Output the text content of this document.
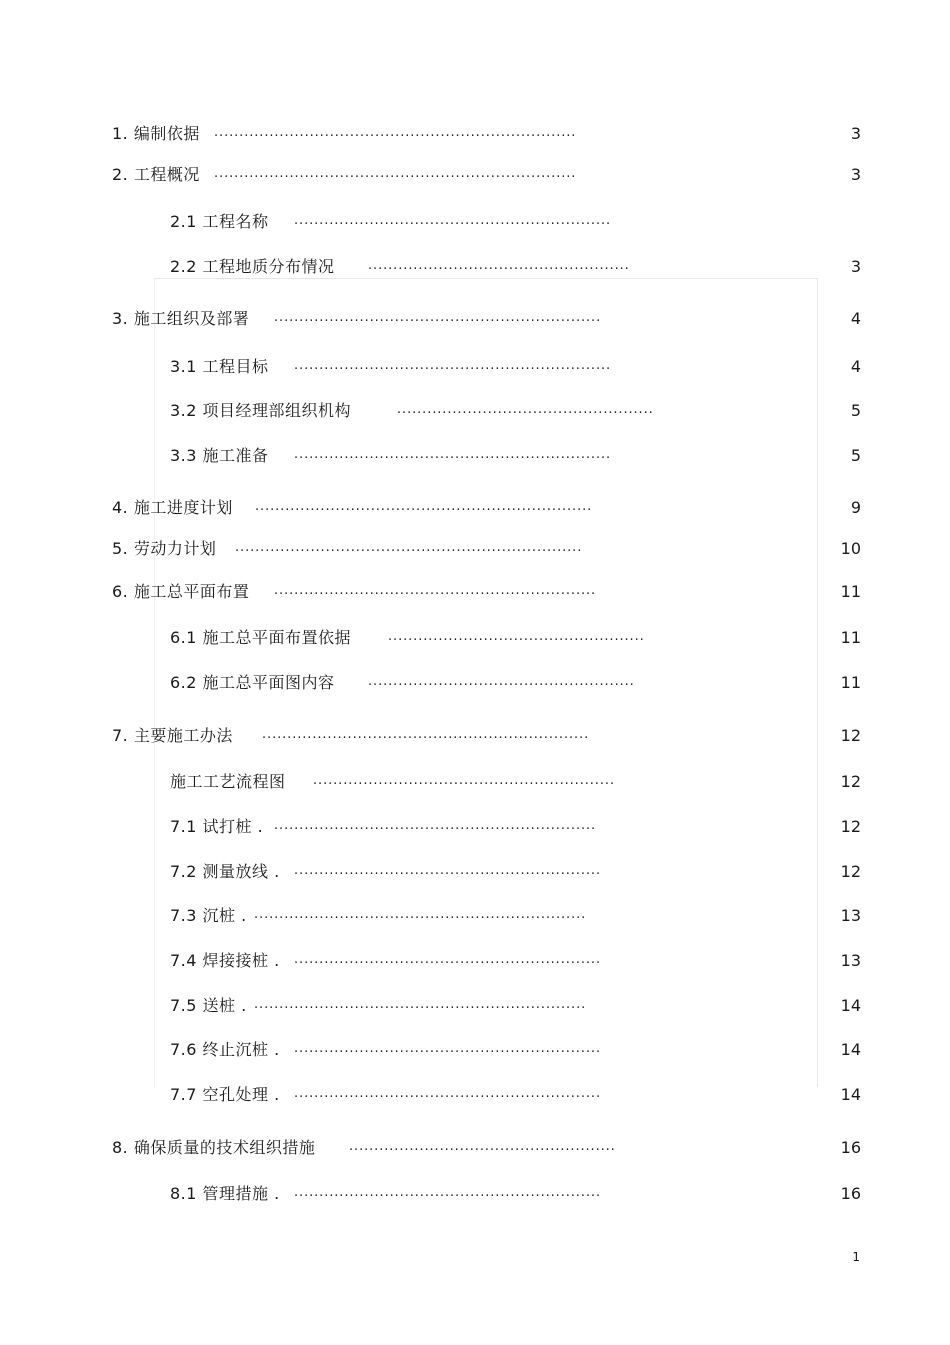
1. 编制依据 ........................................................................	3
2. 工程概况 ........................................................................	3
2.1 工程名称 ...............................................................
2.2 工程地质分布情况	....................................................	3
3. 施工组织及部署 .................................................................	4
3.1 工程目标 ...............................................................	4
3.2 项目经理部组织机构	...................................................	5
3.3 施工准备 ...............................................................	5
4. 施工进度计划 ...................................................................	9
5. 劳动力计划 .....................................................................	10
6. 施工总平面布置 ................................................................	11
6.1 施工总平面布置依据	...................................................	11
6.2 施工总平面图内容	.....................................................	11
7. 主要施工办法 .................................................................	12
施工工艺流程图 ............................................................	12
7.1 试打桩 . ................................................................	12
7.2 测量放线 . .............................................................	12
7.3 沉桩 . ..................................................................	13
7.4 焊接接桩 . .............................................................	13
7.5 送桩 . ..................................................................	14
7.6 终止沉桩 . .............................................................	14
7.7 空孔处理 . .............................................................	14
8. 确保质量的技术组织措施	.....................................................	16
8.1 管理措施 . .............................................................	16
1
